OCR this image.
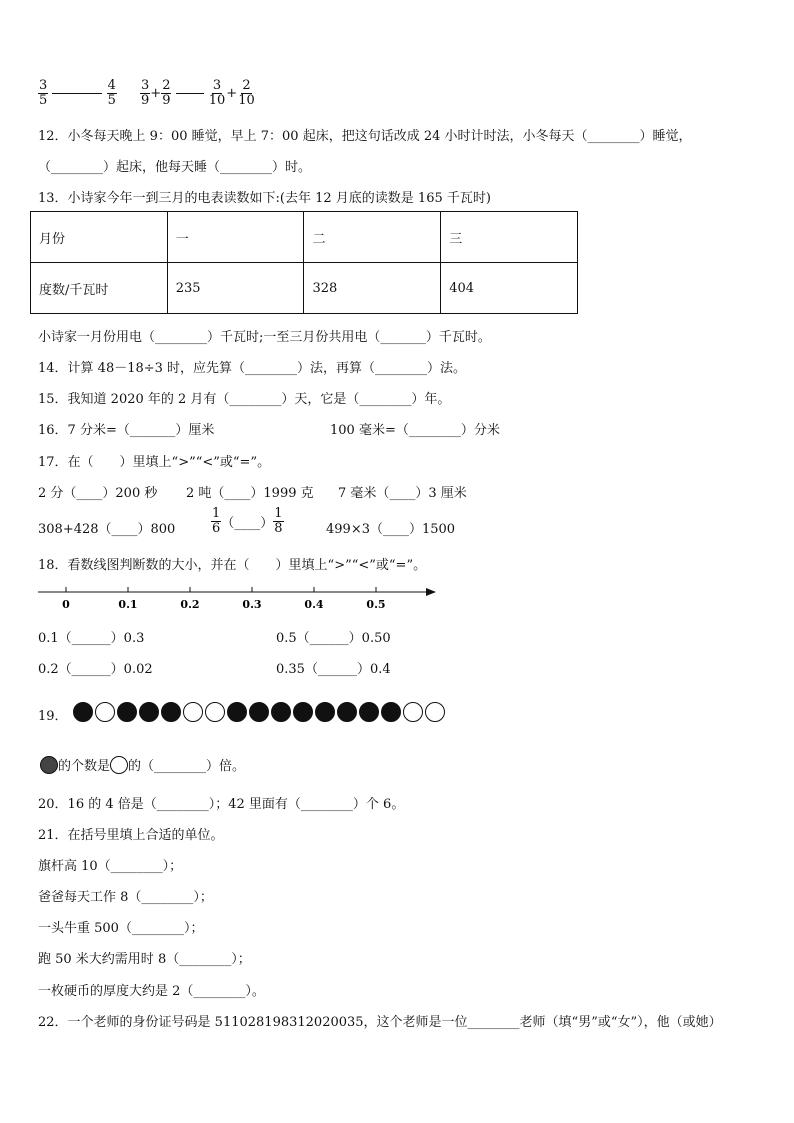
$\frac{3}{5}$
	$\frac{4}{5} \frac{3}{9} + \frac{2}{9}$
	$\frac{3}{10} + \frac{2}{10}$
12．小冬每天晚上 9：00 睡觉，早上 7：00 起床，把这句话改成 24 小时计时法，小冬每天（________）睡觉，
（________）起床，他每天睡（________）时。
13．小诗家今年一到三月的电表读数如下:(去年 12 月底的读数是 165 千瓦时)
月份	一	二	三
度数/千瓦时	235	328	404
小诗家一月份用电（________）千瓦时;一至三月份共用电（_______）千瓦时。
14．计算 48－18÷3 时，应先算（________）法，再算（________）法。
15．我知道 2020 年的 2 月有（________）天，它是（________）年。
16．7 分米=（_______）厘米	100 毫米=（________）分米
17．在（　　）里填上“>”“<”或“=”。
2 分（____）200 秒 2 吨（____）1999 克 7 毫米（____）3 厘米
308+428（____）800	$\frac{1}{6}$ （____） $\frac{1}{8}$	499×3（____）1500
18．看数线图判断数的大小，并在（　　）里填上“>”“<”或“=”。
0	0.1	0.2	0.3	0.4	0.5
0.1（______）0.3	0.5（______）0.50
0.2（______）0.02	0.35（______）0.4
19．
的个数是 的（________）倍。
20．16 的 4 倍是（________）；42 里面有（________）个 6。
21．在括号里填上合适的单位。
旗杆高 10（________）；
爸爸每天工作 8（________）；
一头牛重 500（________）；
跑 50 米大约需用时 8（________）；
一枚硬币的厚度大约是 2（________）。
22．一个老师的身份证号码是 511028198312020035，这个老师是一位________老师（填“男”或“女”），他（或她）
